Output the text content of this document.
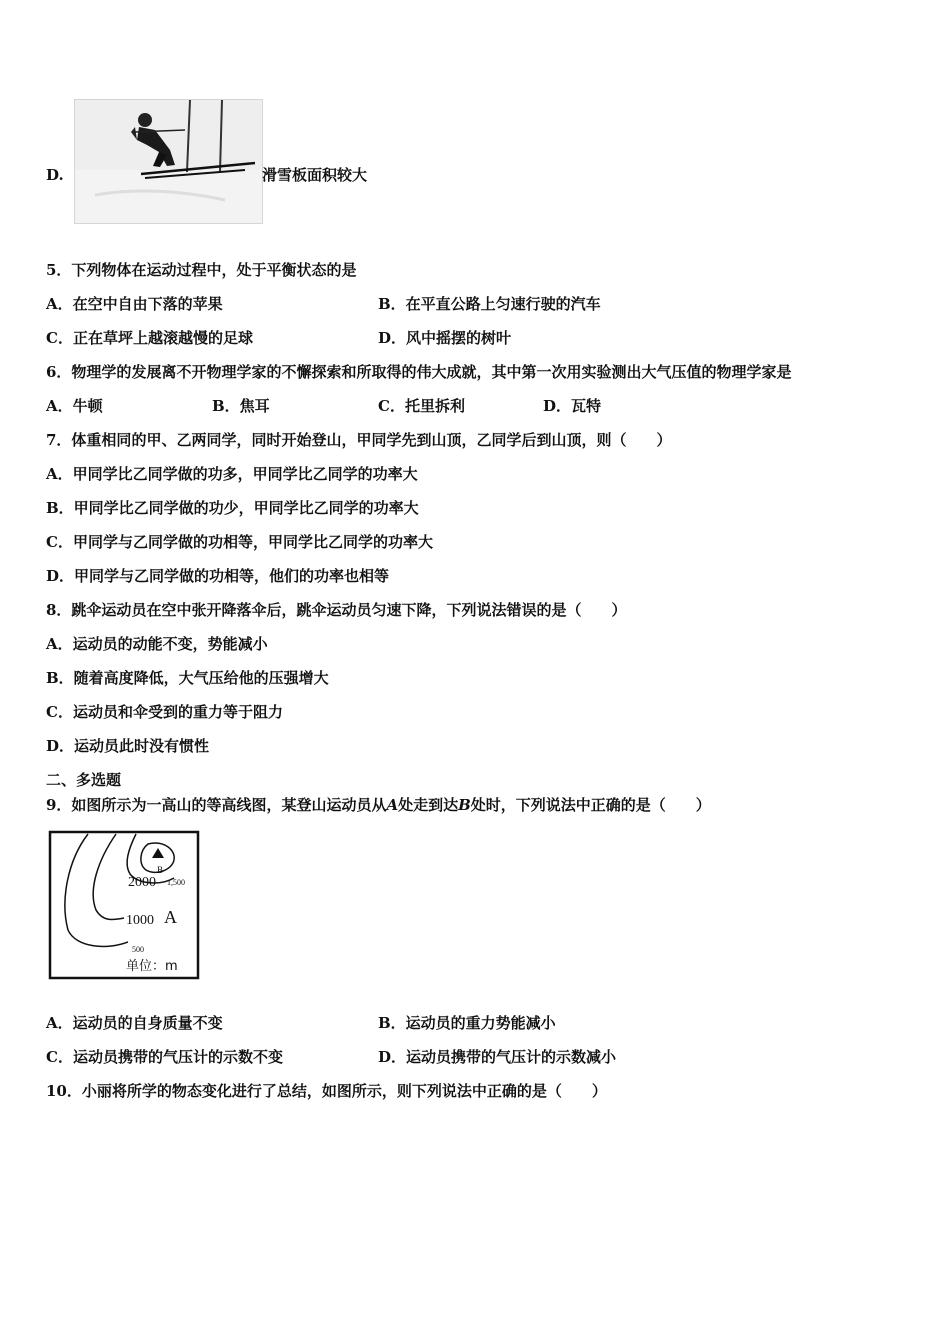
D.	滑雪板面积较大
5．下列物体在运动过程中，处于平衡状态的是
A．在空中自由下落的苹果	B．在平直公路上匀速行驶的汽车
C．正在草坪上越滚越慢的足球	D．风中摇摆的树叶
6．物理学的发展离不开物理学家的不懈探索和所取得的伟大成就，其中第一次用实验测出大气压值的物理学家是
A．牛顿	B．焦耳	C．托里拆利	D．瓦特
7．体重相同的甲、乙两同学，同时开始登山，甲同学先到山顶，乙同学后到山顶，则（　　）
A．甲同学比乙同学做的功多，甲同学比乙同学的功率大
B．甲同学比乙同学做的功少，甲同学比乙同学的功率大
C．甲同学与乙同学做的功相等，甲同学比乙同学的功率大
D．甲同学与乙同学做的功相等，他们的功率也相等
8．跳伞运动员在空中张开降落伞后，跳伞运动员匀速下降，下列说法错误的是（　　）
A．运动员的动能不变，势能减小
B．随着高度降低，大气压给他的压强增大
C．运动员和伞受到的重力等于阻力
D．运动员此时没有惯性
二、多选题
9．如图所示为一高山的等高线图，某登山运动员从A处走到达B处时，下列说法中正确的是（　　）
B
2000 1,500
1000 A
500
单位：m
A．运动员的自身质量不变	B．运动员的重力势能减小
C．运动员携带的气压计的示数不变	D．运动员携带的气压计的示数减小
10．小丽将所学的物态变化进行了总结，如图所示，则下列说法中正确的是（　　）
